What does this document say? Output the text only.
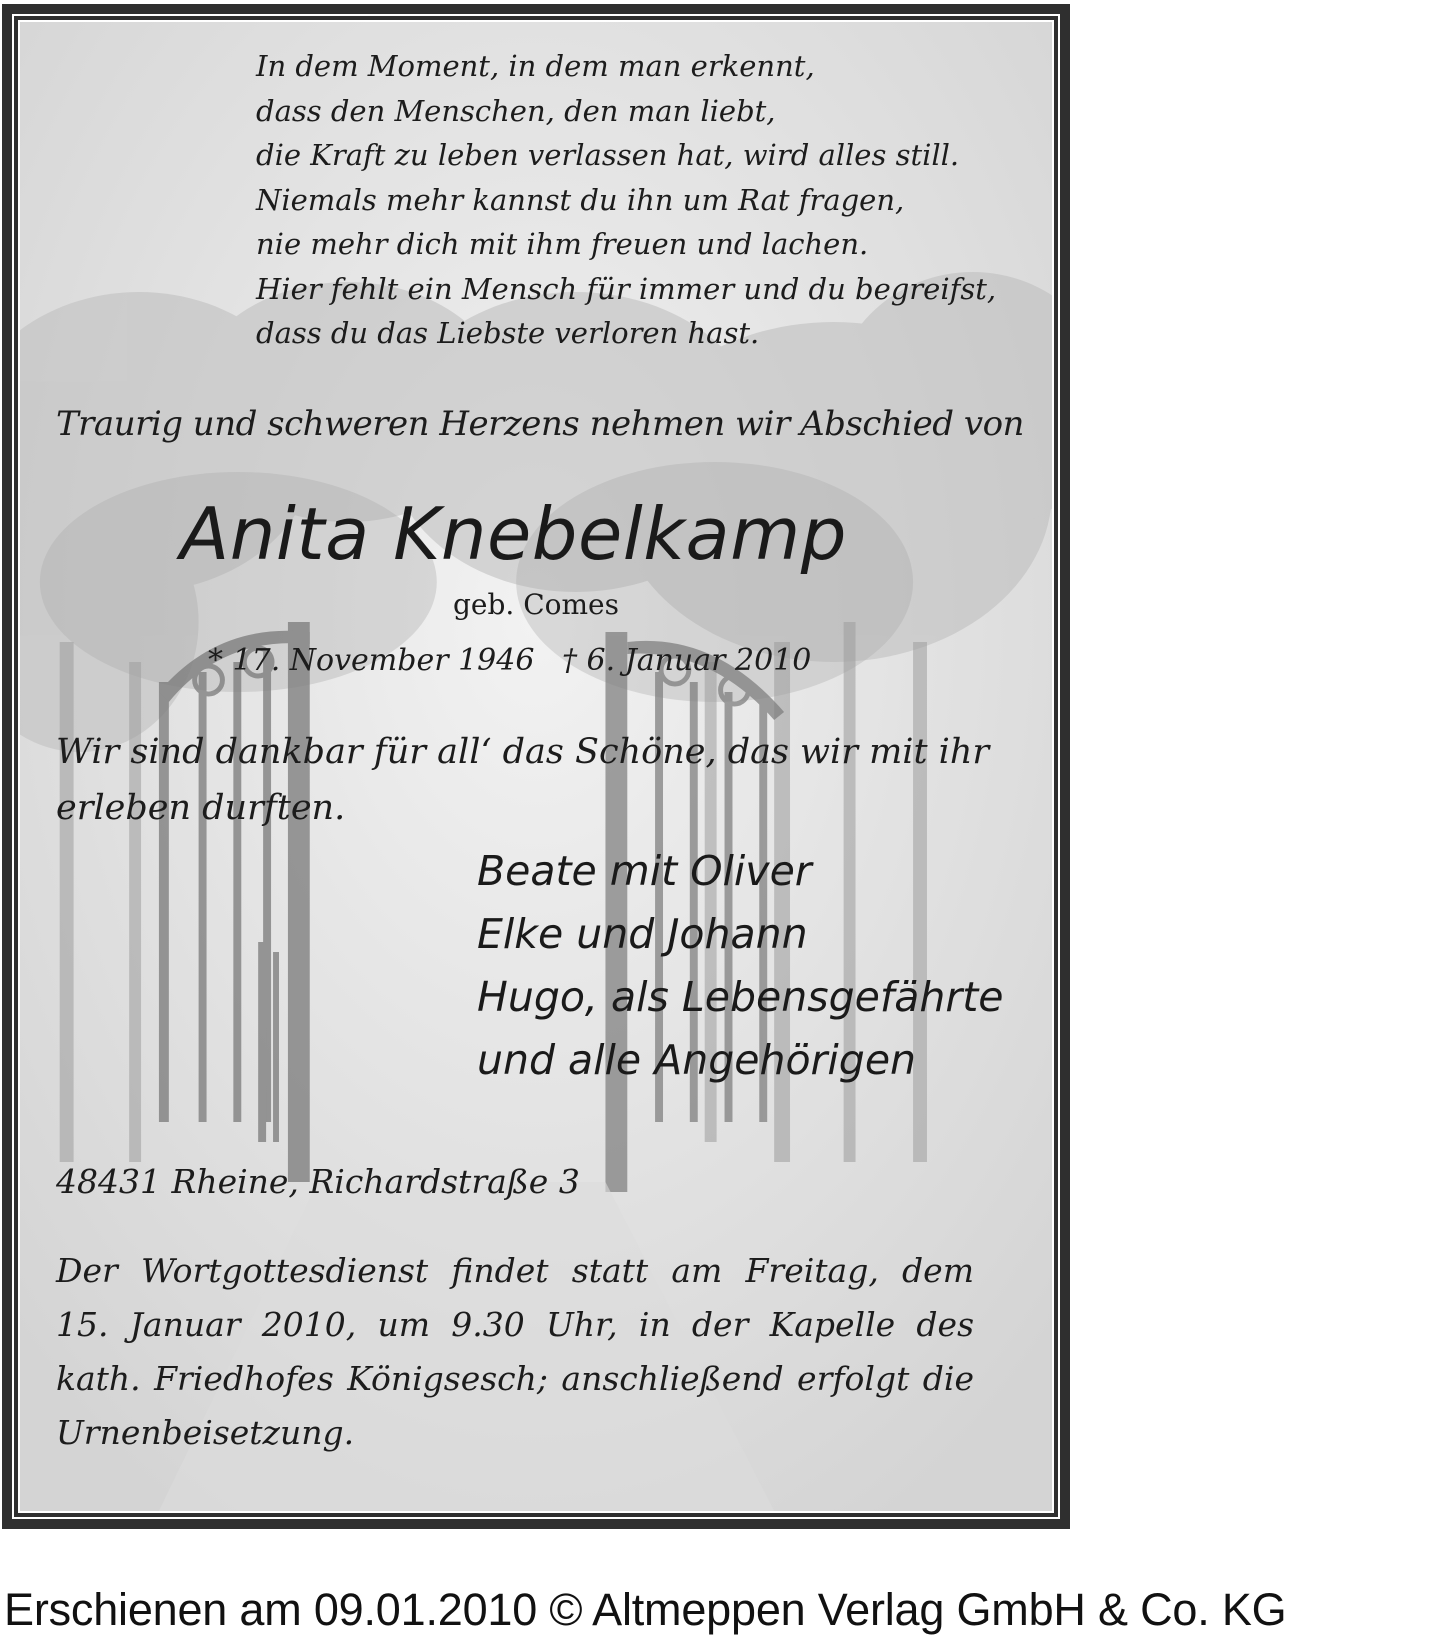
In dem Moment, in dem man erkennt,
dass den Menschen, den man liebt,
die Kraft zu leben verlassen hat, wird alles still.
Niemals mehr kannst du ihn um Rat fragen,
nie mehr dich mit ihm freuen und lachen.
Hier fehlt ein Mensch für immer und du begreifst,
dass du das Liebste verloren hast.
Traurig und schweren Herzens nehmen wir Abschied von
Anita Knebelkamp
geb. Comes
* 17. November 1946 † 6. Januar 2010
Wir sind dankbar für all‘ das Schöne, das wir mit ihr
erleben durften.
Beate mit Oliver
Elke und Johann
Hugo, als Lebensgefährte
und alle Angehörigen
48431 Rheine, Richardstraße 3
Der Wortgottesdienst findet statt am Freitag, dem
15. Januar 2010, um 9.30 Uhr, in der Kapelle des
kath. Friedhofes Königsesch; anschließend erfolgt die
Urnenbeisetzung.
Erschienen am 09.01.2010 © Altmeppen Verlag GmbH & Co. KG
